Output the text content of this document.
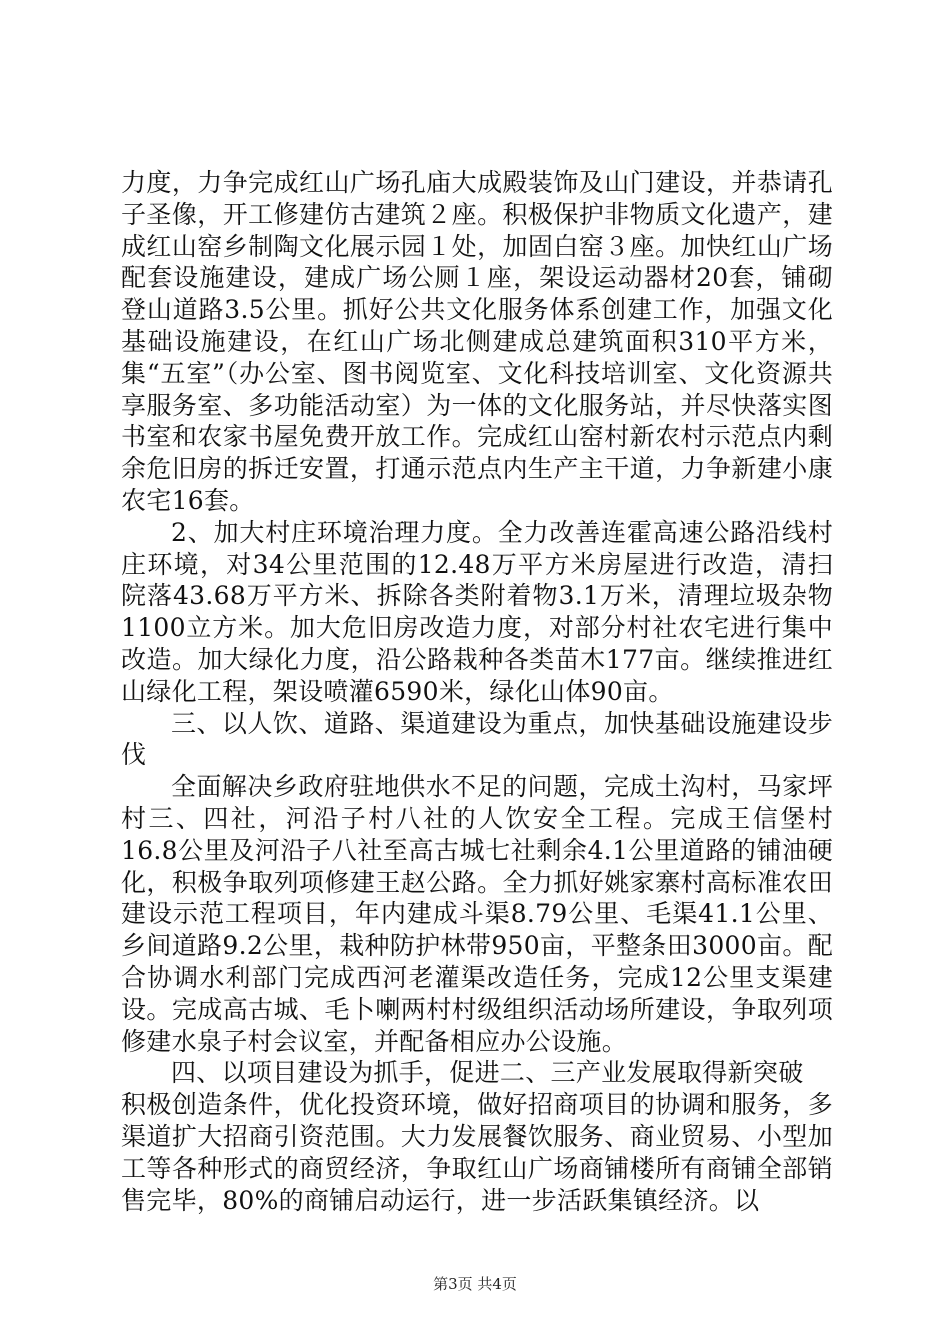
力度，力争完成红山广场孔庙大成殿装饰及山门建设，并恭请孔子圣像，开工修建仿古建筑２座。积极保护非物质文化遗产，建成红山窑乡制陶文化展示园１处，加固白窑３座。加快红山广场配套设施建设，建成广场公厕１座，架设运动器材20套，铺砌登山道路3.5公里。抓好公共文化服务体系创建工作，加强文化基础设施建设，在红山广场北侧建成总建筑面积310平方米，集“五室”（办公室、图书阅览室、文化科技培训室、文化资源共享服务室、多功能活动室）为一体的文化服务站，并尽快落实图书室和农家书屋免费开放工作。完成红山窑村新农村示范点内剩余危旧房的拆迁安置，打通示范点内生产主干道，力争新建小康农宅16套。

2、加大村庄环境治理力度。全力改善连霍高速公路沿线村庄环境，对34公里范围的12.48万平方米房屋进行改造，清扫院落43.68万平方米、拆除各类附着物3.1万米，清理垃圾杂物1100立方米。加大危旧房改造力度，对部分村社农宅进行集中改造。加大绿化力度，沿公路栽种各类苗木177亩。继续推进红山绿化工程，架设喷灌6590米，绿化山体90亩。

三、以人饮、道路、渠道建设为重点，加快基础设施建设步伐

全面解决乡政府驻地供水不足的问题，完成土沟村，马家坪村三、四社，河沿子村八社的人饮安全工程。完成王信堡村16.8公里及河沿子八社至高古城七社剩余4.1公里道路的铺油硬化，积极争取列项修建王赵公路。全力抓好姚家寨村高标准农田建设示范工程项目，年内建成斗渠8.79公里、毛渠41.1公里、乡间道路9.2公里，栽种防护林带950亩，平整条田3000亩。配合协调水利部门完成西河老灌渠改造任务，完成12公里支渠建设。完成高古城、毛卜喇两村村级组织活动场所建设，争取列项修建水泉子村会议室，并配备相应办公设施。

四、以项目建设为抓手，促进二、三产业发展取得新突破

积极创造条件，优化投资环境，做好招商项目的协调和服务，多渠道扩大招商引资范围。大力发展餐饮服务、商业贸易、小型加工等各种形式的商贸经济，争取红山广场商铺楼所有商铺全部销售完毕，80%的商铺启动运行，进一步活跃集镇经济。以

第3页 共4页
